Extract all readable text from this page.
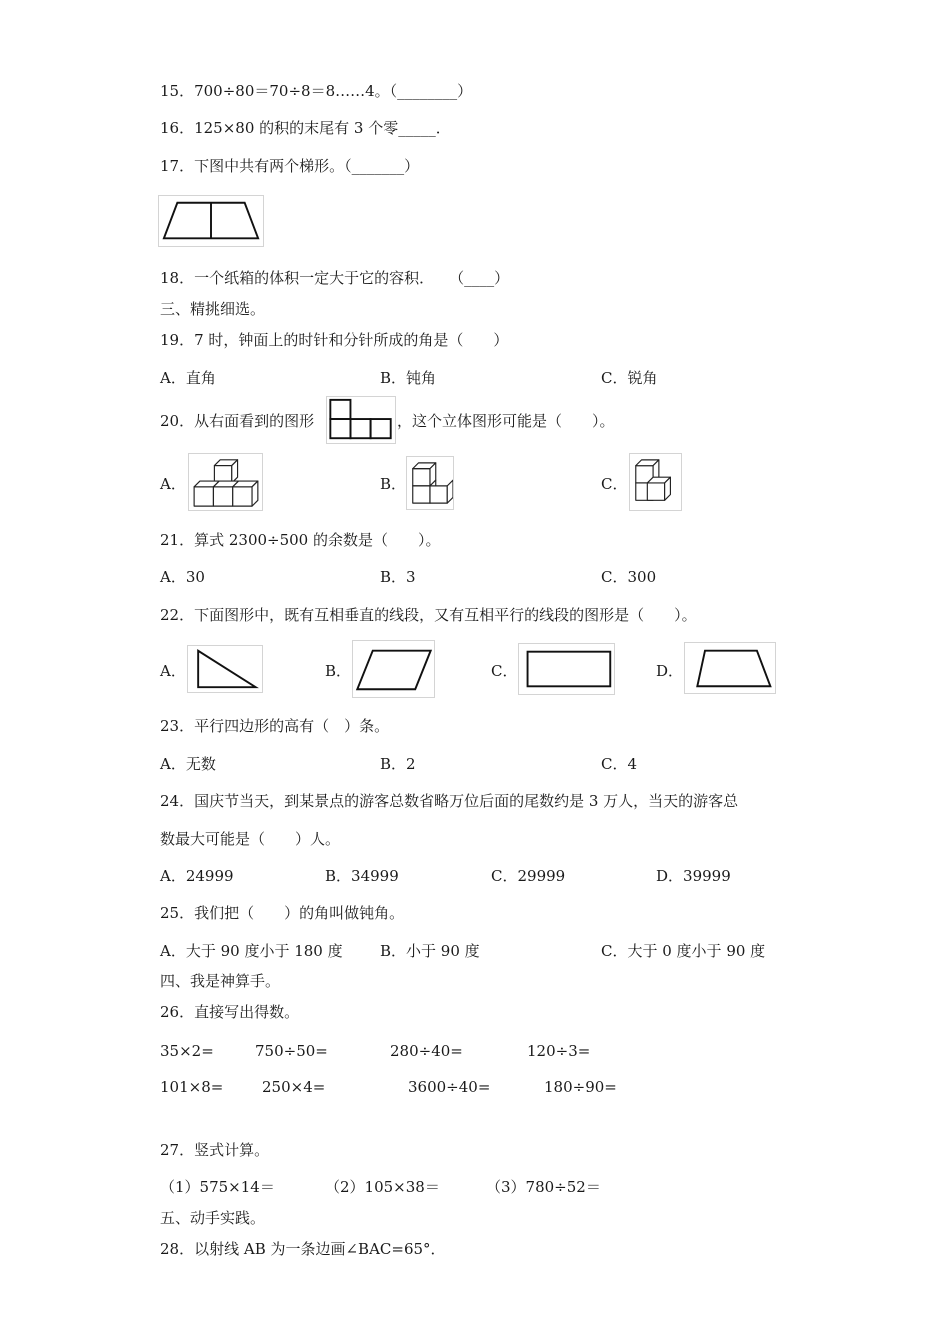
15．700÷80＝70÷8＝8……4。（________）
16．125×80 的积的末尾有 3 个零_____．
17．下图中共有两个梯形。（_______）
18．一个纸箱的体积一定大于它的容积．　　（____）
三、精挑细选。
19．7 时，钟面上的时针和分针所成的角是（　　）
A．直角	B．钝角	C．锐角
20．从右面看到的图形	，这个立体图形可能是（　　）。
A．	B．	C．
21．算式 2300÷500 的余数是（　　）。
A．30	B．3	C．300
22．下面图形中，既有互相垂直的线段，又有互相平行的线段的图形是（　　）。
A．	B．	C．	D．
23．平行四边形的高有（　）条。
A．无数	B．2	C．4
24．国庆节当天，到某景点的游客总数省略万位后面的尾数约是 3 万人，当天的游客总
数最大可能是（　　）人。
A．24999	B．34999	C．29999	D．39999
25．我们把（　　）的角叫做钝角。
A．大于 90 度小于 180 度 B．小于 90 度	C．大于 0 度小于 90 度
四、我是神算手。
26．直接写出得数。
35×2=	750÷50=	280÷40=	120÷3=
101×8=	250×4=	3600÷40=	180÷90=
27．竖式计算。
（1）575×14＝	（2）105×38＝	（3）780÷52＝
五、动手实践。
28．以射线 AB 为一条边画∠BAC=65°．
